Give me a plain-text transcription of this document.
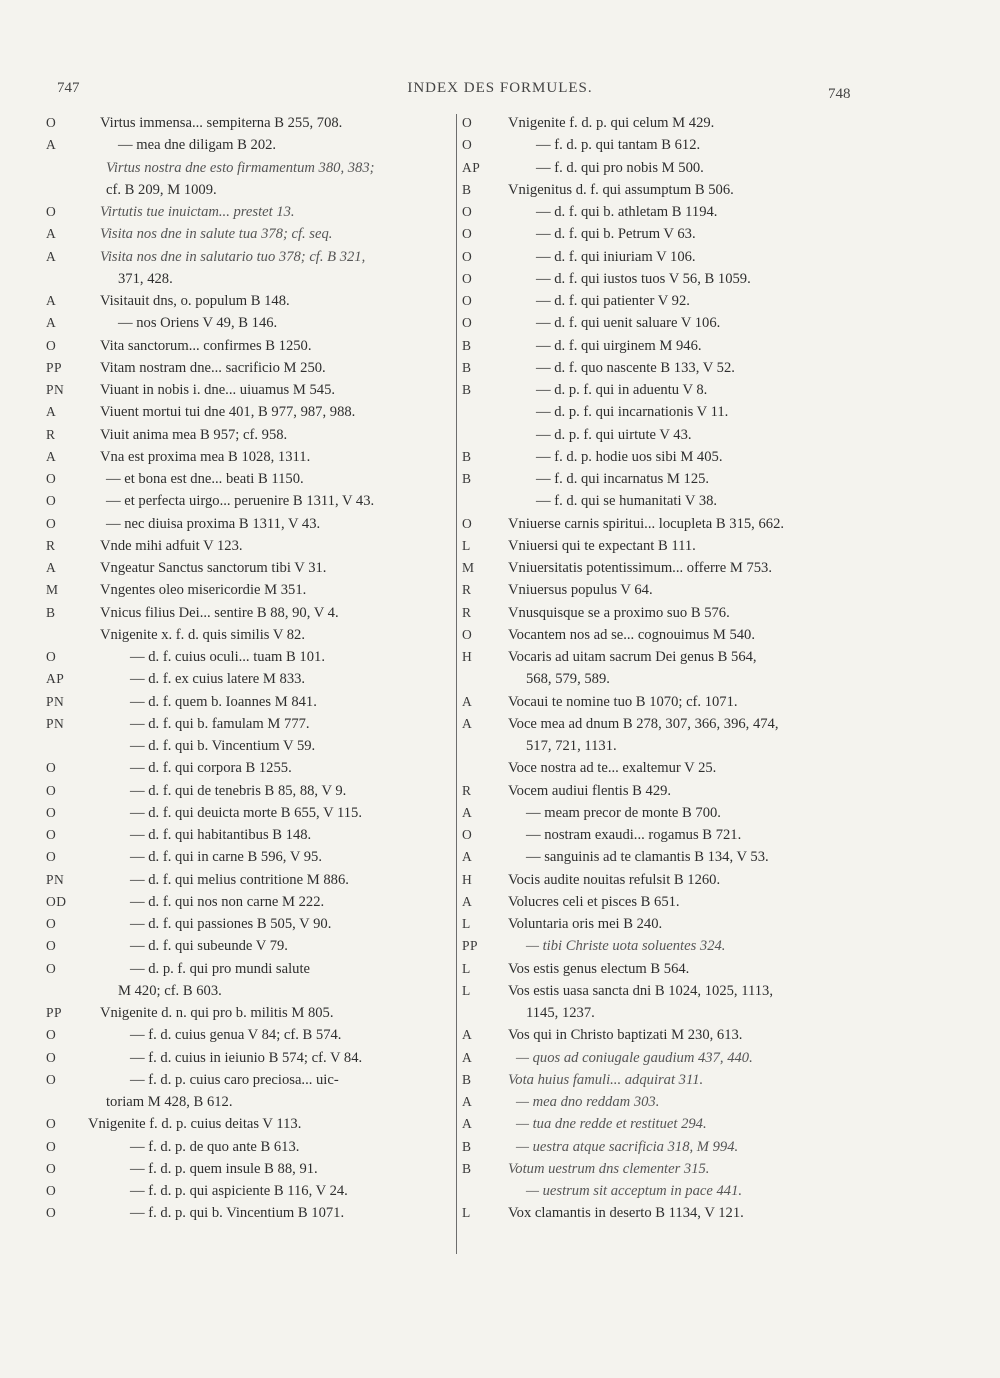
747	INDEX DES FORMULES.	748
O	Virtus immensa... sempiterna B 255, 708.
A	— mea dne diligam B 202.
Virtus nostra dne esto firmamentum 380, 383;
cf. B 209, M 1009.
O	Virtutis tue inuictam... prestet 13.
A	Visita nos dne in salute tua 378; cf. seq.
A	Visita nos dne in salutario tuo 378; cf. B 321,
371, 428.
A	Visitauit dns, o. populum B 148.
A	— nos Oriens V 49, B 146.
O	Vita sanctorum... confirmes B 1250.
PP	Vitam nostram dne... sacrificio M 250.
PN	Viuant in nobis i. dne... uiuamus M 545.
A	Viuent mortui tui dne 401, B 977, 987, 988.
R	Viuit anima mea B 957; cf. 958.
A	Vna est proxima mea B 1028, 1311.
O	— et bona est dne... beati B 1150.
O	— et perfecta uirgo... peruenire B 1311, V 43.
O	— nec diuisa proxima B 1311, V 43.
R	Vnde mihi adfuit V 123.
A	Vngeatur Sanctus sanctorum tibi V 31.
M	Vngentes oleo misericordie M 351.
B	Vnicus filius Dei... sentire B 88, 90, V 4.
Vnigenite x. f. d. quis similis V 82.
O	— d. f. cuius oculi... tuam B 101.
AP	— d. f. ex cuius latere M 833.
PN	— d. f. quem b. Ioannes M 841.
PN	— d. f. qui b. famulam M 777.
— d. f. qui b. Vincentium V 59.
O	— d. f. qui corpora B 1255.
O	— d. f. qui de tenebris B 85, 88, V 9.
O	— d. f. qui deuicta morte B 655, V 115.
O	— d. f. qui habitantibus B 148.
O	— d. f. qui in carne B 596, V 95.
PN	— d. f. qui melius contritione M 886.
OD	— d. f. qui nos non carne M 222.
O	— d. f. qui passiones B 505, V 90.
O	— d. f. qui subeunde V 79.
O	— d. p. f. qui pro mundi salute
M 420; cf. B 603.
PP	Vnigenite d. n. qui pro b. militis M 805.
O	— f. d. cuius genua V 84; cf. B 574.
O	— f. d. cuius in ieiunio B 574; cf. V 84.
O	— f. d. p. cuius caro preciosa... uic-
toriam M 428, B 612.
O	Vnigenite f. d. p. cuius deitas V 113.
O	— f. d. p. de quo ante B 613.
O	— f. d. p. quem insule B 88, 91.
O	— f. d. p. qui aspiciente B 116, V 24.
O	— f. d. p. qui b. Vincentium B 1071.
O	Vnigenite f. d. p. qui celum M 429.
O	— f. d. p. qui tantam B 612.
AP	— f. d. qui pro nobis M 500.
B	Vnigenitus d. f. qui assumptum B 506.
O	— d. f. qui b. athletam B 1194.
O	— d. f. qui b. Petrum V 63.
O	— d. f. qui iniuriam V 106.
O	— d. f. qui iustos tuos V 56, B 1059.
O	— d. f. qui patienter V 92.
O	— d. f. qui uenit saluare V 106.
B	— d. f. qui uirginem M 946.
B	— d. f. quo nascente B 133, V 52.
B	— d. p. f. qui in aduentu V 8.
— d. p. f. qui incarnationis V 11.
— d. p. f. qui uirtute V 43.
B	— f. d. p. hodie uos sibi M 405.
B	— f. d. qui incarnatus M 125.
— f. d. qui se humanitati V 38.
O	Vniuerse carnis spiritui... locupleta B 315, 662.
L	Vniuersi qui te expectant B 111.
M	Vniuersitatis potentissimum... offerre M 753.
R	Vniuersus populus V 64.
R	Vnusquisque se a proximo suo B 576.
O	Vocantem nos ad se... cognouimus M 540.
H	Vocaris ad uitam sacrum Dei genus B 564,
568, 579, 589.
A	Vocaui te nomine tuo B 1070; cf. 1071.
A	Voce mea ad dnum B 278, 307, 366, 396, 474,
517, 721, 1131.
Voce nostra ad te... exaltemur V 25.
R	Vocem audiui flentis B 429.
A	— meam precor de monte B 700.
O	— nostram exaudi... rogamus B 721.
A	— sanguinis ad te clamantis B 134, V 53.
H	Vocis audite nouitas refulsit B 1260.
A	Volucres celi et pisces B 651.
L	Voluntaria oris mei B 240.
PP	— tibi Christe uota soluentes 324.
L	Vos estis genus electum B 564.
L	Vos estis uasa sancta dni B 1024, 1025, 1113,
1145, 1237.
A	Vos qui in Christo baptizati M 230, 613.
A	— quos ad coniugale gaudium 437, 440.
B	Vota huius famuli... adquirat 311.
A	— mea dno reddam 303.
A	— tua dne redde et restituet 294.
B	— uestra atque sacrificia 318, M 994.
B	Votum uestrum dns clementer 315.
— uestrum sit acceptum in pace 441.
L	Vox clamantis in deserto B 1134, V 121.
